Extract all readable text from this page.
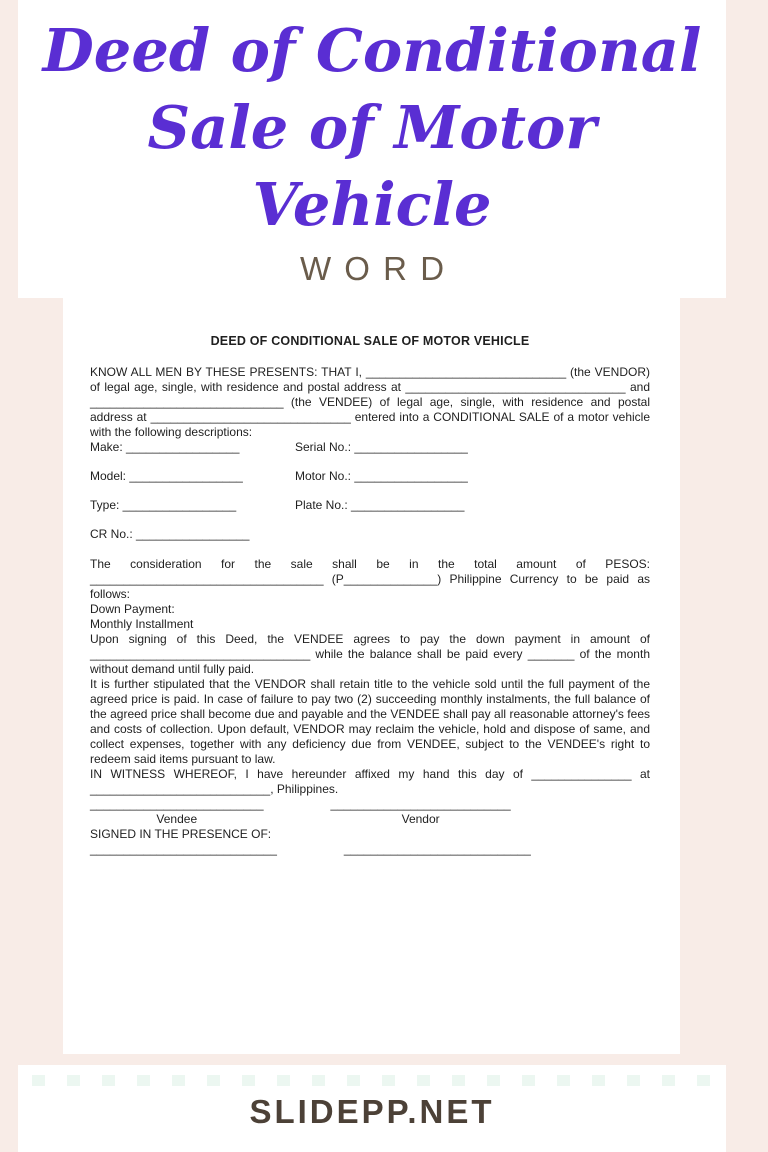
Deed of Conditional
Sale of Motor
Vehicle
WORD
DEED OF CONDITIONAL SALE OF MOTOR VEHICLE

KNOW ALL MEN BY THESE PRESENTS: THAT I, ______________________________ (the VENDOR) of legal age, single, with residence and postal address at _________________________________ and _____________________________ (the VENDEE) of legal age, single, with residence and postal address at ______________________________ entered into a CONDITIONAL SALE of a motor vehicle with the following descriptions:

Make: _________________	Serial No.: _________________
Model: _________________	Motor No.: _________________
Type: _________________	Plate No.: _________________
CR No.: _________________

The consideration for the sale shall be in the total amount of PESOS: ___________________________________ (P______________) Philippine Currency to be paid as follows:

Down Payment:

Monthly Installment

Upon signing of this Deed, the VENDEE agrees to pay the down payment in amount of _________________________________ while the balance shall be paid every _______ of the month without demand until fully paid.

It is further stipulated that the VENDOR shall retain title to the vehicle sold until the full payment of the agreed price is paid. In case of failure to pay two (2) succeeding monthly instalments, the full balance of the agreed price shall become due and payable and the VENDEE shall pay all reasonable attorney's fees and costs of collection. Upon default, VENDOR may reclaim the vehicle, hold and dispose of same, and collect expenses, together with any deficiency due from VENDEE, subject to the VENDEE's right to redeem said items pursuant to law.

IN WITNESS WHEREOF, I have hereunder affixed my hand this day of _______________ at ___________________________, Philippines.

__________________________
Vendee
___________________________
Vendor

SIGNED IN THE PRESENCE OF:

____________________________	____________________________
SLIDEPP.NET
